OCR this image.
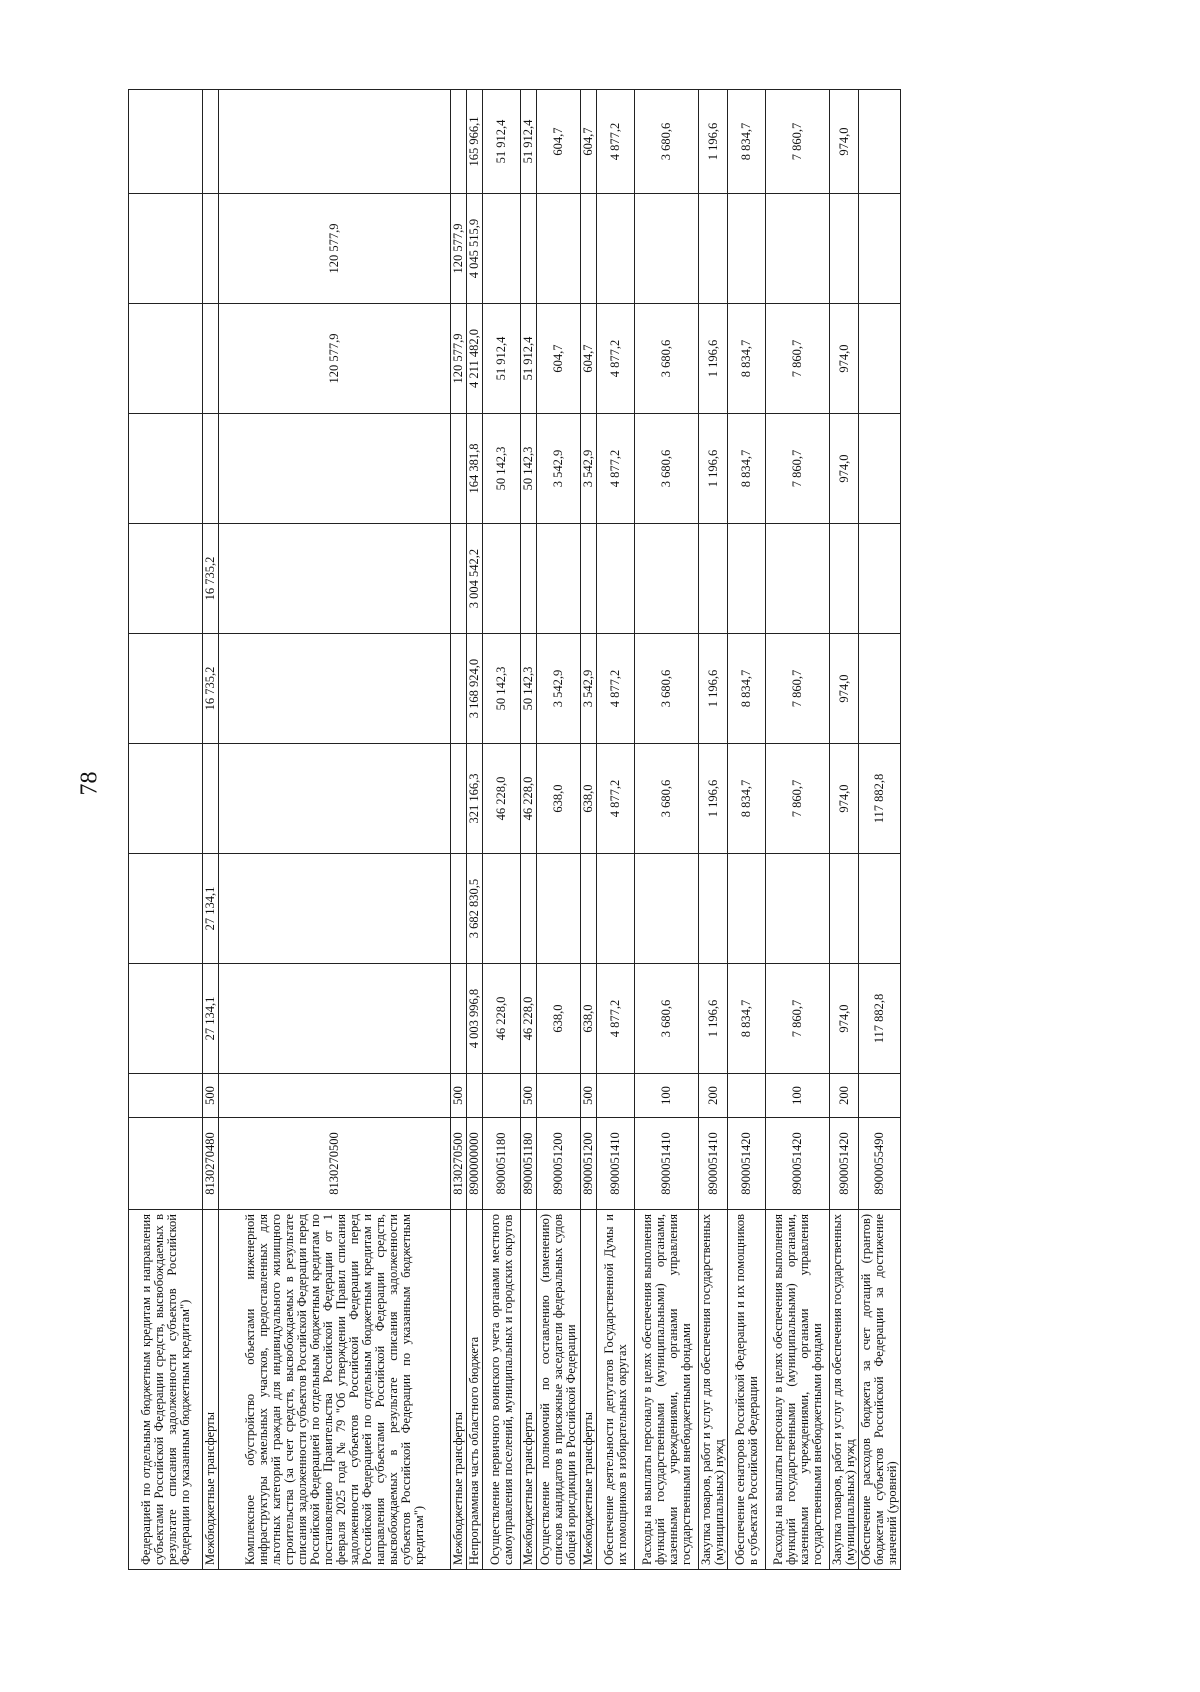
78
Федерацией по отдельным бюджетным кредитам и направления субъектами Российской Федерации средств, высвобождаемых в результате списания задолженности субъектов Российской Федерации по указанным бюджетным кредитам")											
Межбюджетные трансферты	8130270480	500	27 134,1	27 134,1		16 735,2	16 735,2				
Комплексное обустройство объектами инженерной инфраструктуры земельных участков, предоставленных для льготных категорий граждан для индивидуального жилищного строительства (за счет средств, высвобождаемых в результате списания задолженности субъектов Российской Федерации перед Российской Федерацией по отдельным бюджетным кредитам по постановлению Правительства Российской Федерации от 1 февраля 2025 года № 79 "Об утверждении Правил списания задолженности субъектов Российской Федерации перед Российской Федерацией по отдельным бюджетным кредитам и направления субъектами Российской Федерации средств, высвобождаемых в результате списания задолженности субъектов Российской Федерации по указанным бюджетным кредитам")	8130270500								120 577,9	120 577,9	
Межбюджетные трансферты	8130270500	500							120 577,9	120 577,9	
Непрограммная часть областного бюджета	8900000000		4 003 996,8	3 682 830,5	321 166,3	3 168 924,0	3 004 542,2	164 381,8	4 211 482,0	4 045 515,9	165 966,1
Осуществление первичного воинского учета органами местного самоуправления поселений, муниципальных и городских округов	8900051180		46 228,0		46 228,0	50 142,3		50 142,3	51 912,4		51 912,4
Межбюджетные трансферты	8900051180	500	46 228,0		46 228,0	50 142,3		50 142,3	51 912,4		51 912,4
Осуществление полномочий по составлению (изменению) списков кандидатов в присяжные заседатели федеральных судов общей юрисдикции в Российской Федерации	8900051200		638,0		638,0	3 542,9		3 542,9	604,7		604,7
Межбюджетные трансферты	8900051200	500	638,0		638,0	3 542,9		3 542,9	604,7		604,7
Обеспечение деятельности депутатов Государственной Думы и их помощников в избирательных округах	8900051410		4 877,2		4 877,2	4 877,2		4 877,2	4 877,2		4 877,2
Расходы на выплаты персоналу в целях обеспечения выполнения функций государственными (муниципальными) органами, казенными учреждениями, органами управления государственными внебюджетными фондами	8900051410	100	3 680,6		3 680,6	3 680,6		3 680,6	3 680,6		3 680,6
Закупка товаров, работ и услуг для обеспечения государственных (муниципальных) нужд	8900051410	200	1 196,6		1 196,6	1 196,6		1 196,6	1 196,6		1 196,6
Обеспечение сенаторов Российской Федерации и их помощников в субъектах Российской Федерации	8900051420		8 834,7		8 834,7	8 834,7		8 834,7	8 834,7		8 834,7
Расходы на выплаты персоналу в целях обеспечения выполнения функций государственными (муниципальными) органами, казенными учреждениями, органами управления государственными внебюджетными фондами	8900051420	100	7 860,7		7 860,7	7 860,7		7 860,7	7 860,7		7 860,7
Закупка товаров, работ и услуг для обеспечения государственных (муниципальных) нужд	8900051420	200	974,0		974,0	974,0		974,0	974,0		974,0
Обеспечение расходов бюджета за счет дотаций (грантов) бюджетам субъектов Российской Федерации за достижение значений (уровней)	8900055490		117 882,8		117 882,8						
